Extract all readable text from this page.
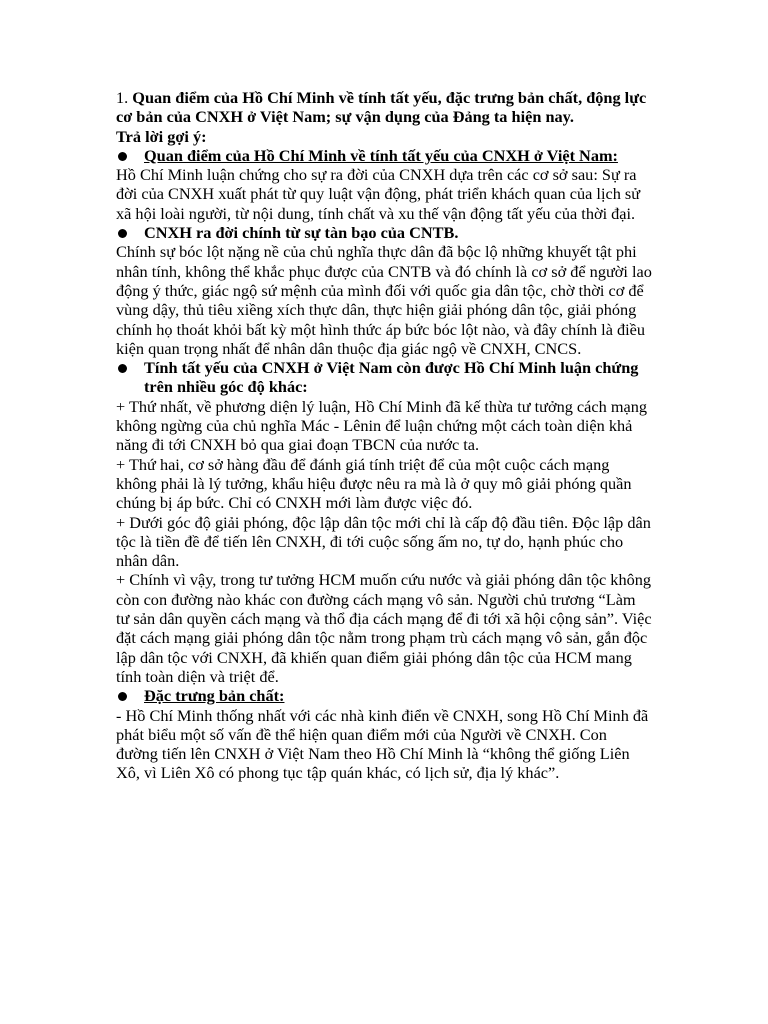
1. Quan điểm của Hồ Chí Minh về tính tất yếu, đặc trưng bản chất, động lực cơ bản của CNXH ở Việt Nam; sự vận dụng của Đảng ta hiện nay.

Trả lời gợi ý:

Quan điểm của Hồ Chí Minh về tính tất yếu của CNXH ở Việt Nam:

Hồ Chí Minh luận chứng cho sự ra đời của CNXH dựa trên các cơ sở sau: Sự ra đời của CNXH xuất phát từ quy luật vận động, phát triển khách quan của lịch sử xã hội loài người, từ nội dung, tính chất và xu thế vận động tất yếu của thời đại.

CNXH ra đời chính từ sự tàn bạo của CNTB.

Chính sự bóc lột nặng nề của chủ nghĩa thực dân đã bộc lộ những khuyết tật phi nhân tính, không thể khắc phục được của CNTB và đó chính là cơ sở để người lao động ý thức, giác ngộ sứ mệnh của mình đối với quốc gia dân tộc, chờ thời cơ để vùng dậy, thủ tiêu xiềng xích thực dân, thực hiện giải phóng dân tộc, giải phóng chính họ thoát khỏi bất kỳ một hình thức áp bức bóc lột nào, và đây chính là điều kiện quan trọng nhất để nhân dân thuộc địa giác ngộ về CNXH, CNCS.

Tính tất yếu của CNXH ở Việt Nam còn được Hồ Chí Minh luận chứng trên nhiều góc độ khác:

+ Thứ nhất, về phương diện lý luận, Hồ Chí Minh đã kế thừa tư tưởng cách mạng không ngừng của chủ nghĩa Mác - Lênin để luận chứng một cách toàn diện khả năng đi tới CNXH bỏ qua giai đoạn TBCN của nước ta.

+ Thứ hai, cơ sở hàng đầu để đánh giá tính triệt để của một cuộc cách mạng không phải là lý tưởng, khẩu hiệu được nêu ra mà là ở quy mô giải phóng quần chúng bị áp bức. Chỉ có CNXH mới làm được việc đó.

+ Dưới góc độ giải phóng, độc lập dân tộc mới chỉ là cấp độ đầu tiên. Độc lập dân tộc là tiền đề để tiến lên CNXH, đi tới cuộc sống ấm no, tự do, hạnh phúc cho nhân dân.

+ Chính vì vậy, trong tư tưởng HCM muốn cứu nước và giải phóng dân tộc không còn con đường nào khác con đường cách mạng vô sản. Người chủ trương “Làm tư sản dân quyền cách mạng và thổ địa cách mạng để đi tới xã hội cộng sản”. Việc đặt cách mạng giải phóng dân tộc nằm trong phạm trù cách mạng vô sản, gắn độc lập dân tộc với CNXH, đã khiến quan điểm giải phóng dân tộc của HCM mang tính toàn diện và triệt để.

Đặc trưng bản chất:

- Hồ Chí Minh thống nhất với các nhà kinh điển về CNXH, song Hồ Chí Minh đã phát biểu một số vấn đề thể hiện quan điểm mới của Người về CNXH. Con đường tiến lên CNXH ở Việt Nam theo Hồ Chí Minh là “không thể giống Liên Xô, vì Liên Xô có phong tục tập quán khác, có lịch sử, địa lý khác”.
